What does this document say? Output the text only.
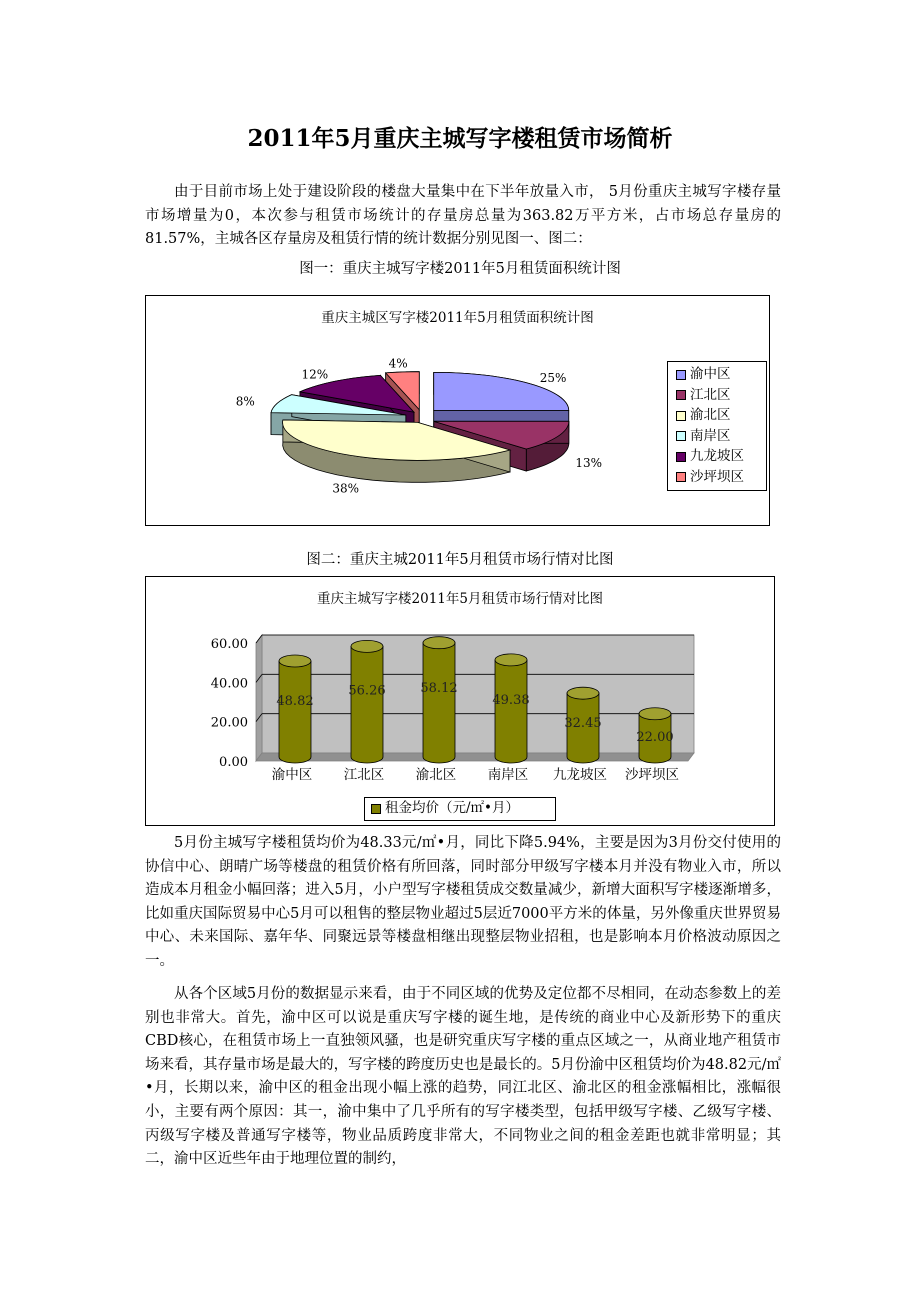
2011年5月重庆主城写字楼租赁市场简析

由于目前市场上处于建设阶段的楼盘大量集中在下半年放量入市， 5月份重庆主城写字楼存量市场增量为0，本次参与租赁市场统计的存量房总量为363.82万平方米，占市场总存量房的81.57%，主城各区存量房及租赁行情的统计数据分别见图一、图二：

图一：重庆主城写字楼2011年5月租赁面积统计图
重庆主城区写字楼2011年5月租赁面积统计图
25%
13%
38%
8%
12%
4%
渝中区
江北区
渝北区
南岸区
九龙坡区
沙坪坝区
图二：重庆主城2011年5月租赁市场行情对比图
重庆主城写字楼2011年5月租赁市场行情对比图
0.00
20.00
40.00
60.00
48.82
渝中区
56.26
江北区
58.12
渝北区
49.38
南岸区
32.45
九龙坡区
22.00
沙坪坝区
租金均价（元/㎡•月）

5月份主城写字楼租赁均价为48.33元/㎡•月，同比下降5.94%，主要是因为3月份交付使用的协信中心、朗晴广场等楼盘的租赁价格有所回落，同时部分甲级写字楼本月并没有物业入市，所以造成本月租金小幅回落；进入5月，小户型写字楼租赁成交数量减少，新增大面积写字楼逐渐增多，比如重庆国际贸易中心5月可以租售的整层物业超过5层近7000平方米的体量，另外像重庆世界贸易中心、未来国际、嘉年华、同聚远景等楼盘相继出现整层物业招租，也是影响本月价格波动原因之一。

从各个区域5月份的数据显示来看，由于不同区域的优势及定位都不尽相同，在动态参数上的差别也非常大。首先，渝中区可以说是重庆写字楼的诞生地，是传统的商业中心及新形势下的重庆CBD核心，在租赁市场上一直独领风骚，也是研究重庆写字楼的重点区域之一，从商业地产租赁市场来看，其存量市场是最大的，写字楼的跨度历史也是最长的。5月份渝中区租赁均价为48.82元/㎡•月，长期以来，渝中区的租金出现小幅上涨的趋势，同江北区、渝北区的租金涨幅相比，涨幅很小，主要有两个原因：其一，渝中集中了几乎所有的写字楼类型，包括甲级写字楼、乙级写字楼、丙级写字楼及普通写字楼等，物业品质跨度非常大，不同物业之间的租金差距也就非常明显；其二，渝中区近些年由于地理位置的制约，
